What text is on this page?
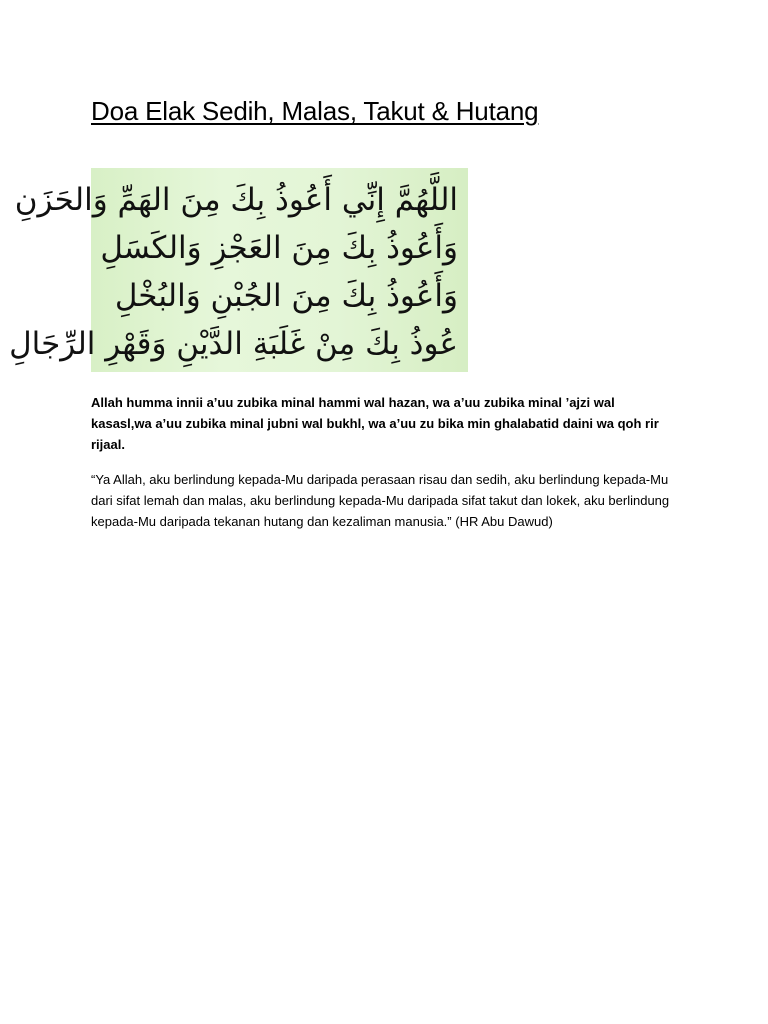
Doa Elak Sedih, Malas, Takut & Hutang
اللَّهُمَّ إِنِّي أَعُوذُ بِكَ مِنَ الهَمِّ وَالحَزَنِ
وَأَعُوذُ بِكَ مِنَ العَجْزِ وَالكَسَلِ
وَأَعُوذُ بِكَ مِنَ الجُبْنِ وَالبُخْلِ
عُوذُ بِكَ مِنْ غَلَبَةِ الدَّيْنِ وَقَهْرِ الرِّجَالِ

Allah humma innii a’uu zubika minal hammi wal hazan, wa a’uu zubika minal ’ajzi wal kasasl,wa a’uu zubika minal jubni wal bukhl, wa a’uu zu bika min ghalabatid daini wa qoh rir rijaal.

“Ya Allah, aku berlindung kepada-Mu daripada perasaan risau dan sedih, aku berlindung kepada-Mu dari sifat lemah dan malas, aku berlindung kepada-Mu daripada sifat takut dan lokek, aku berlindung kepada-Mu daripada tekanan hutang dan kezaliman manusia.” (HR Abu Dawud)
